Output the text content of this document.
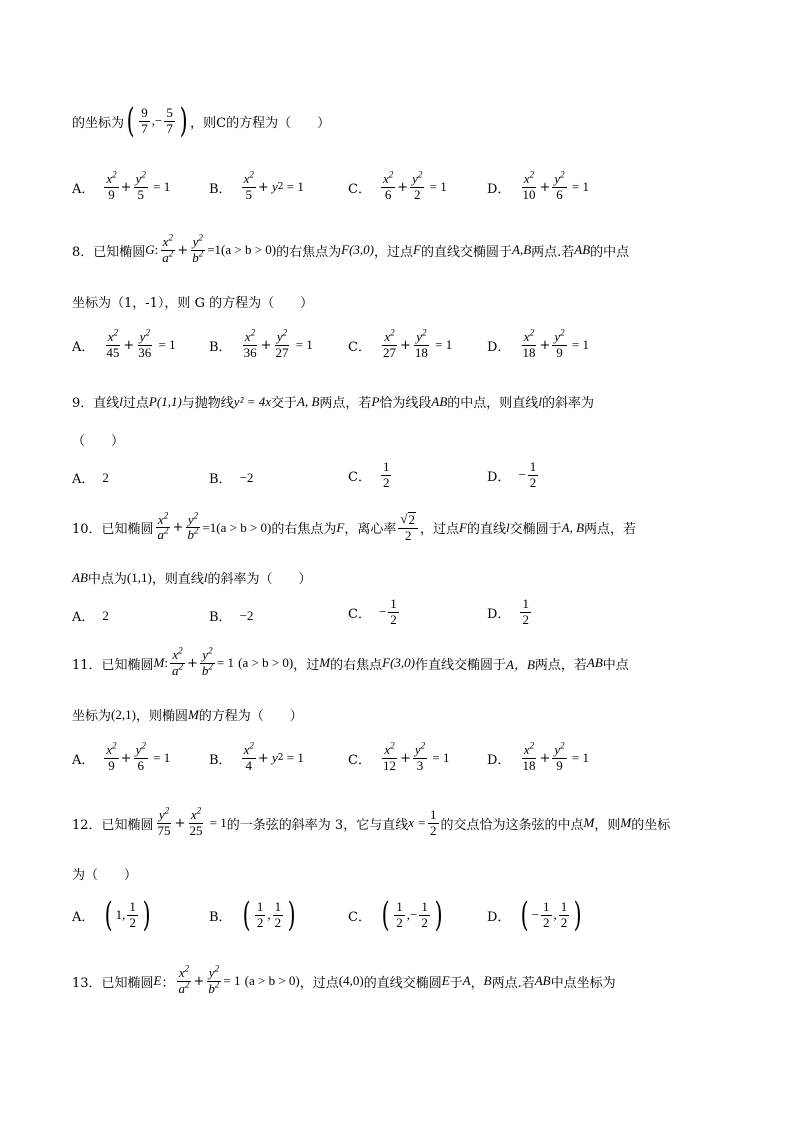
的坐标为 ( $\frac{9}{7}$ ,− $\frac{5}{7}$ ) ，则C的方程为（　　）
A． $\frac{x^2}{9} + \frac{y^2}{5} = 1$	B． $\frac{x^2}{5} + y$ 2 = 1	C． $\frac{x^2}{6} + \frac{y^2}{2} = 1$	D． $\frac{x^2}{10} + \frac{y^2}{6} = 1$
8．已知椭圆 G : $\frac{x^2}{a^2} + \frac{y^2}{b^2} =1(a > b > 0)$ 的右焦点为 F(3,0) ，过点 F 的直线交椭圆于 A,B 两点.若 AB 的中点
坐标为（1，-1），则 G 的方程为（　　）
A． $\frac{x^2}{45} + \frac{y^2}{36} = 1$	B． $\frac{x^2}{36} + \frac{y^2}{27} = 1$	C． $\frac{x^2}{27} + \frac{y^2}{18} = 1$	D． $\frac{x^2}{18} + \frac{y^2}{9} = 1$
9．直线 l 过点 P(1,1) 与抛物线 y² = 4x 交于 A, B 两点，若 P 恰为线段 AB 的中点，则直线 l 的斜率为
（　　）
A． 2	B． −2	C． $\frac{1}{2}$	D． − $\frac{1}{2}$
10．已知椭圆 $\frac{x^2}{a^2} + \frac{y^2}{b^2} =1(a > b > 0)$ 的右焦点为 F ，离心率 $\frac{√ 2}{2}$ ，过点 F 的直线 l 交椭圆于 A, B 两点，若
AB 中点为 (1,1) ，则直线 l 的斜率为（　　）
A． 2	B． −2	C． − $\frac{1}{2}$	D． $\frac{1}{2}$
11．已知椭圆 M : $\frac{x^2}{a^2} + \frac{y^2}{b^2} = 1$
(a > b > 0) ，过 M 的右焦点 F(3,0) 作直线交椭圆于 A，B 两点，若 AB 中点
坐标为 (2,1) ，则椭圆 M 的方程为（　　）
A． $\frac{x^2}{9} + \frac{y^2}{6} = 1$	B． $\frac{x^2}{4} + y$ 2 = 1	C． $\frac{x^2}{12} + \frac{y^2}{3} = 1$	D． $\frac{x^2}{18} + \frac{y^2}{9} = 1$
12．已知椭圆 $\frac{y^2}{75} + \frac{x^2}{25} = 1$ 的一条弦的斜率为 3，它与直线 $x = \frac{1}{2}$ 的交点恰为这条弦的中点 M ，则 M 的坐标
为（　　）
A． ( 1, $\frac{1}{2}$ )	B． ( $\frac{1}{2}$ , $\frac{1}{2}$ )	C． ( $\frac{1}{2}$ ,− $\frac{1}{2}$ )	D． ( − $\frac{1}{2}$ , $\frac{1}{2}$ )
13．已知椭圆 E ： $\frac{x^2}{a^2} + \frac{y^2}{b^2} = 1$
(a > b > 0) ，过点 (4,0) 的直线交椭圆 E 于 A ， B 两点.若 AB 中点坐标为
